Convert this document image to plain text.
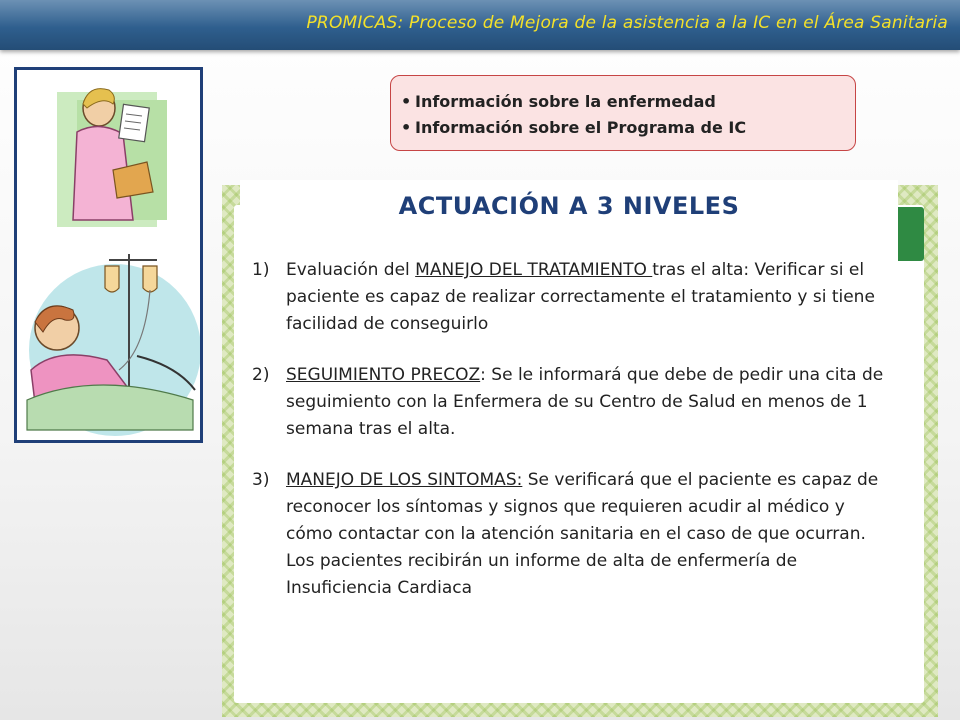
PROMICAS: Proceso de Mejora de la asistencia a la IC en el Área Sanitaria
• Información sobre la enfermedad
• Información sobre el Programa de IC
ACTUACIÓN A 3 NIVELES
1) Evaluación del MANEJO DEL TRATAMIENTO tras el alta: Verificar si el paciente es capaz de realizar correctamente el tratamiento y si tiene facilidad de conseguirlo
2) SEGUIMIENTO PRECOZ: Se le informará que debe de pedir una cita de seguimiento con la Enfermera de su Centro de Salud en menos de 1 semana tras el alta.
3) MANEJO DE LOS SINTOMAS: Se verificará que el paciente es capaz de reconocer los síntomas y signos que requieren acudir al médico y cómo contactar con la atención sanitaria en el caso de que ocurran. Los pacientes recibirán un informe de alta de enfermería de Insuficiencia Cardiaca
